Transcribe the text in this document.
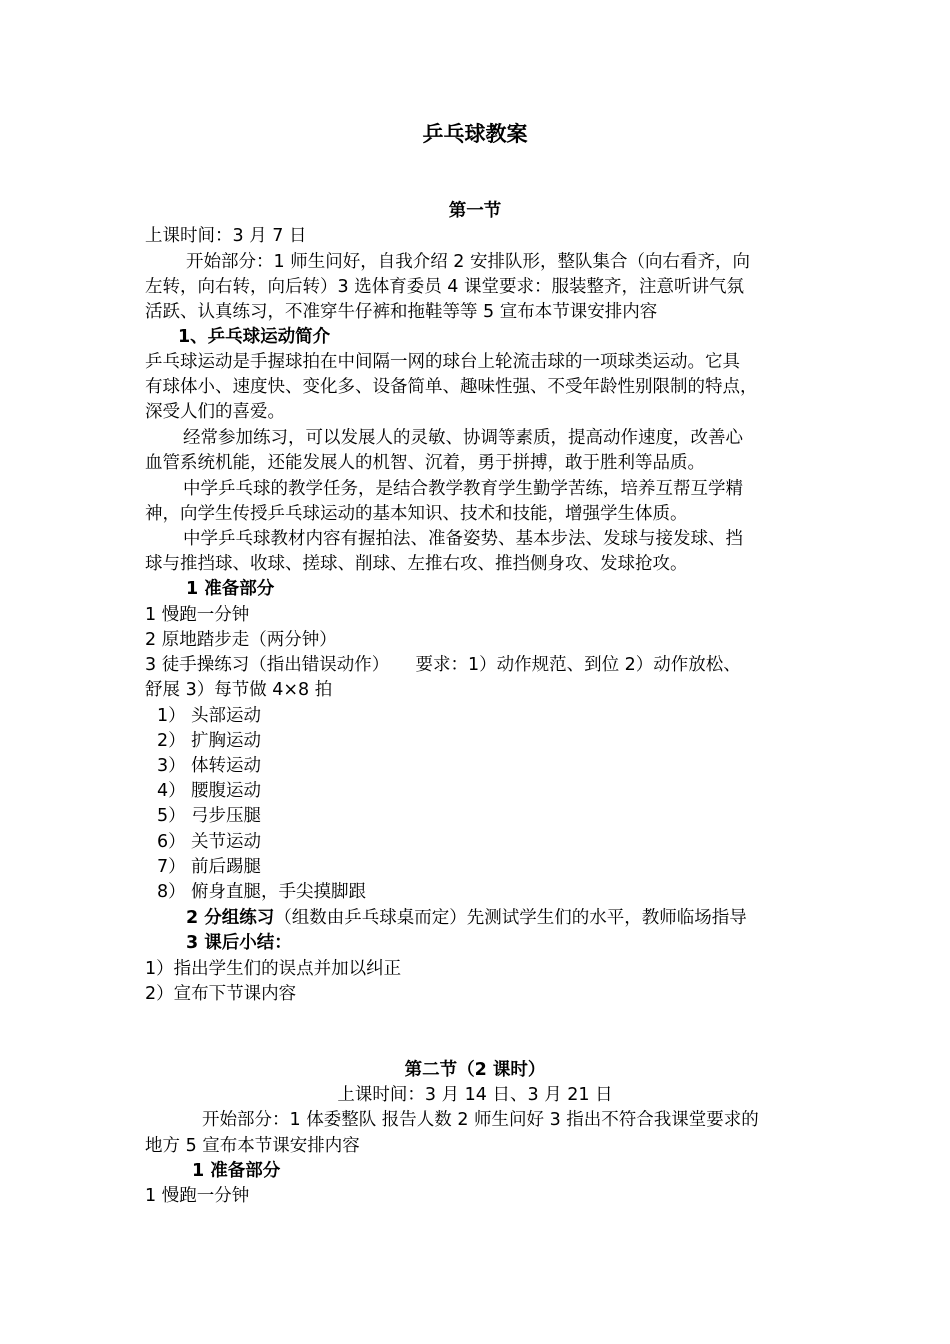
乒乓球教案
第一节
上课时间：3 月 7 日
开始部分：1 师生问好，自我介绍 2 安排队形，整队集合（向右看齐，向
左转，向右转，向后转）3 选体育委员 4 课堂要求：服装整齐，注意听讲气氛
活跃、认真练习，不准穿牛仔裤和拖鞋等等 5 宣布本节课安排内容
1、乒乓球运动简介
乒乓球运动是手握球拍在中间隔一网的球台上轮流击球的一项球类运动。它具
有球体小、速度快、变化多、设备简单、趣味性强、不受年龄性别限制的特点，
深受人们的喜爱。
经常参加练习，可以发展人的灵敏、协调等素质，提高动作速度，改善心
血管系统机能，还能发展人的机智、沉着，勇于拼搏，敢于胜利等品质。
中学乒乓球的教学任务，是结合教学教育学生勤学苦练，培养互帮互学精
神，向学生传授乒乓球运动的基本知识、技术和技能，增强学生体质。
中学乒乓球教材内容有握拍法、准备姿势、基本步法、发球与接发球、挡
球与推挡球、收球、搓球、削球、左推右攻、推挡侧身攻、发球抢攻。
1 准备部分
1 慢跑一分钟
2 原地踏步走（两分钟）
3 徒手操练习（指出错误动作）　　要求：1）动作规范、到位 2）动作放松、
舒展 3）每节做 4×8 拍
1） 头部运动
2） 扩胸运动
3） 体转运动
4） 腰腹运动
5） 弓步压腿
6） 关节运动
7） 前后踢腿
8） 俯身直腿，手尖摸脚跟
2 分组练习（组数由乒乓球桌而定）先测试学生们的水平，教师临场指导
3 课后小结：
1）指出学生们的误点并加以纠正
2）宣布下节课内容
第二节（2 课时）
上课时间：3 月 14 日、3 月 21 日
开始部分：1 体委整队 报告人数 2 师生问好 3 指出不符合我课堂要求的
地方 5 宣布本节课安排内容
1 准备部分
1 慢跑一分钟
